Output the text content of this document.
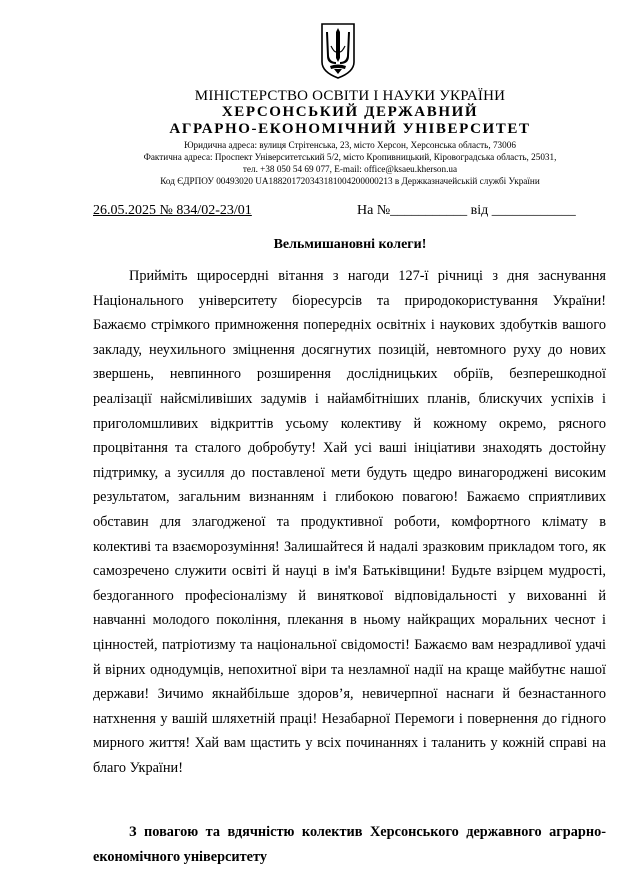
МІНІСТЕРСТВО ОСВІТИ І НАУКИ УКРАЇНИ
ХЕРСОНСЬКИЙ ДЕРЖАВНИЙ
АГРАРНО-ЕКОНОМІЧНИЙ УНІВЕРСИТЕТ
Юридична адреса: вулиця Стрітенська, 23, місто Херсон, Херсонська область, 73006
Фактична адреса: Проспект Університетський 5/2, місто Кропивницький, Кіровоградська область, 25031,
тел. +38 050 54 69 077, E-mail: office@ksaeu.kherson.ua
Код ЄДРПОУ 00493020 UA188201720343181004200000213 в Держказначейській службі України
26.05.2025 № 834/02-23/01	На №___________ від ____________
Вельмишановні колеги!

Прийміть щиросердні вітання з нагоди 127-ї річниці з дня заснування Національного університету біоресурсів та природокористування України! Бажаємо стрімкого примноження попередніх освітніх і наукових здобутків вашого закладу, неухильного зміцнення досягнутих позицій, невтомного руху до нових звершень, невпинного розширення дослідницьких обріїв, безперешкодної реалізації найсміливіших задумів і найамбітніших планів, блискучих успіхів і приголомшливих відкриттів усьому колективу й кожному окремо, рясного процвітання та сталого добробуту! Хай усі ваші ініціативи знаходять достойну підтримку, а зусилля до поставленої мети будуть щедро винагороджені високим результатом, загальним визнанням і глибокою повагою! Бажаємо сприятливих обставин для злагодженої та продуктивної роботи, комфортного клімату в колективі та взаєморозуміння! Залишайтеся й надалі зразковим прикладом того, як самозречено служити освіті й науці в ім'я Батьківщини! Будьте взірцем мудрості, бездоганного професіоналізму й виняткової відповідальності у вихованні й навчанні молодого покоління, плекання в ньому найкращих моральних чеснот і цінностей, патріотизму та національної свідомості! Бажаємо вам незрадливої удачі й вірних однодумців, непохитної віри та незламної надії на краще майбутнє нашої держави! Зичимо якнайбільше здоров’я, невичерпної наснаги й безнастанного натхнення у вашій шляхетній праці! Незабарної Перемоги і повернення до гідного мирного життя! Хай вам щастить у всіх починаннях і таланить у кожній справі на благо України!

З повагою та вдячністю колектив Херсонського державного аграрно-економічного університету
